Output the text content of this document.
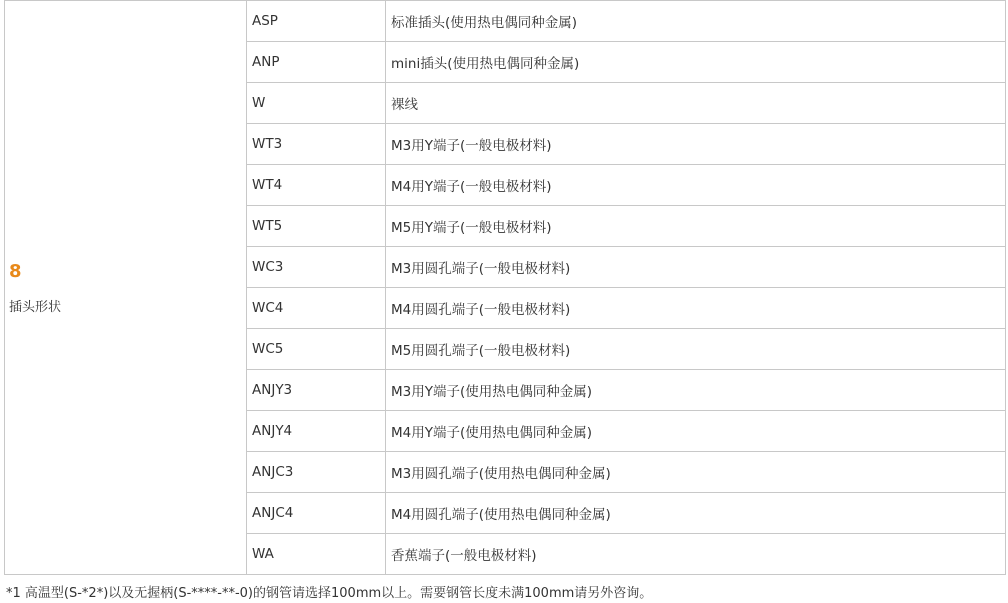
8
插头形状	ASP	标准插头(使用热电偶同种金属)
	ANP	mini插头(使用热电偶同种金属)
	W	裸线
	WT3	M3用Y端子(一般电极材料)
	WT4	M4用Y端子(一般电极材料)
	WT5	M5用Y端子(一般电极材料)
	WC3	M3用圆孔端子(一般电极材料)
	WC4	M4用圆孔端子(一般电极材料)
	WC5	M5用圆孔端子(一般电极材料)
	ANJY3	M3用Y端子(使用热电偶同种金属)
	ANJY4	M4用Y端子(使用热电偶同种金属)
	ANJC3	M3用圆孔端子(使用热电偶同种金属)
	ANJC4	M4用圆孔端子(使用热电偶同种金属)
	WA	香蕉端子(一般电极材料)
*1 高温型(S-*2*)以及无握柄(S-****-**-0)的钢管请选择100mm以上。需要钢管长度未满100mm请另外咨询。
